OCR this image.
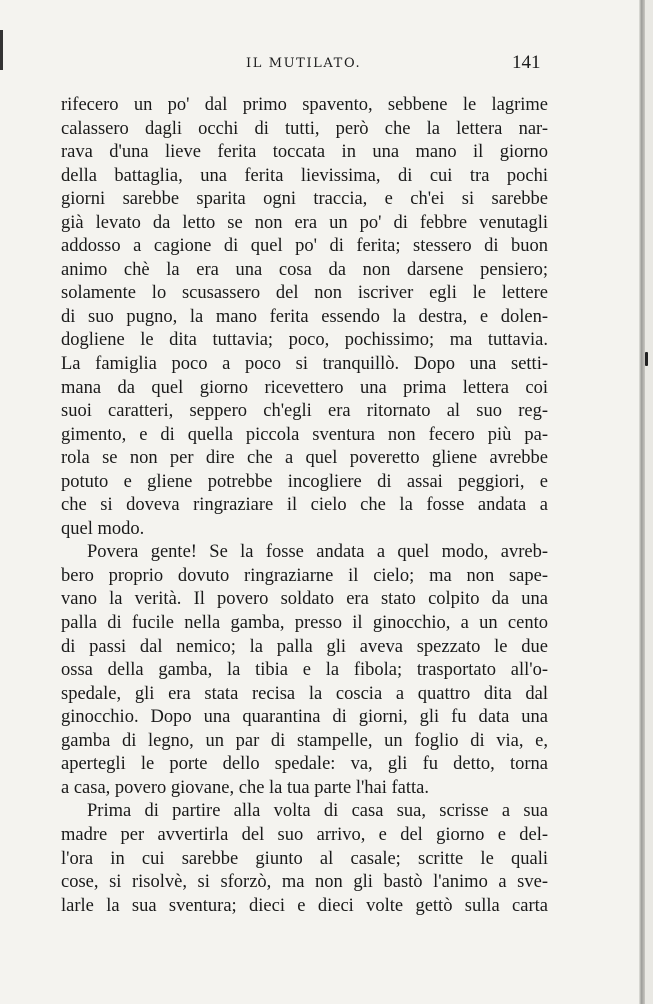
IL MUTILATO.	141
rifecero un po' dal primo spavento, sebbene le lagrime
calassero dagli occhi di tutti, però che la lettera nar-
rava d'una lieve ferita toccata in una mano il giorno
della battaglia, una ferita lievissima, di cui tra pochi
giorni sarebbe sparita ogni traccia, e ch'ei si sarebbe
già levato da letto se non era un po' di febbre venutagli
addosso a cagione di quel po' di ferita; stessero di buon
animo chè la era una cosa da non darsene pensiero;
solamente lo scusassero del non iscriver egli le lettere
di suo pugno, la mano ferita essendo la destra, e dolen-
dogliene le dita tuttavia; poco, pochissimo; ma tuttavia.
La famiglia poco a poco si tranquillò. Dopo una setti-
mana da quel giorno ricevettero una prima lettera coi
suoi caratteri, seppero ch'egli era ritornato al suo reg-
gimento, e di quella piccola sventura non fecero più pa-
rola se non per dire che a quel poveretto gliene avrebbe
potuto e gliene potrebbe incogliere di assai peggiori, e
che si doveva ringraziare il cielo che la fosse andata a
quel modo.
Povera gente! Se la fosse andata a quel modo, avreb-
bero proprio dovuto ringraziarne il cielo; ma non sape-
vano la verità. Il povero soldato era stato colpito da una
palla di fucile nella gamba, presso il ginocchio, a un cento
di passi dal nemico; la palla gli aveva spezzato le due
ossa della gamba, la tibia e la fibola; trasportato all'o-
spedale, gli era stata recisa la coscia a quattro dita dal
ginocchio. Dopo una quarantina di giorni, gli fu data una
gamba di legno, un par di stampelle, un foglio di via, e,
apertegli le porte dello spedale: va, gli fu detto, torna
a casa, povero giovane, che la tua parte l'hai fatta.
Prima di partire alla volta di casa sua, scrisse a sua
madre per avvertirla del suo arrivo, e del giorno e del-
l'ora in cui sarebbe giunto al casale; scritte le quali
cose, si risolvè, si sforzò, ma non gli bastò l'animo a sve-
larle la sua sventura; dieci e dieci volte gettò sulla carta
